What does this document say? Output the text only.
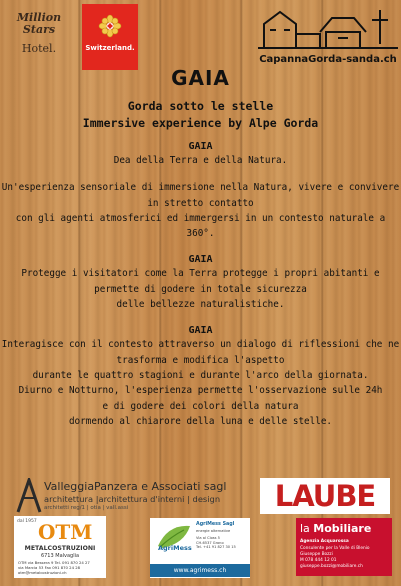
Million
Stars
Hotel.	Switzerland.
CapannaGorda-sanda.ch
GAIA
Gorda sotto le stelle
Immersive experience by Alpe Gorda
GAIA
Dea della Terra e della Natura.
Un'esperienza sensoriale di immersione nella Natura, vivere e convivere
in stretto contatto
con gli agenti atmosferici ed immergersi in un contesto naturale a 360°.
GAIA
Protegge i visitatori come la Terra protegge i propri abitanti e
permette di godere in totale sicurezza
delle bellezze naturalistiche.
GAIA
Interagisce con il contesto attraverso un dialogo di riflessioni che ne
trasforma e modifica l'aspetto
durante le quattro stagioni e durante l'arco della giornata.
Diurno e Notturno, l'esperienza permette l'osservazione sulle 24h
e di godere dei colori della natura
dormendo al chiarore della luna e delle stelle.
ValleggiaPanzera e Associati sagl
architettura |architettura d'interni | design
architetti reg/1 | otia | vall.assi	LAUBE
dal 1957 OTM
METALCOSTRUZIONI
6713 Malvaglia
OTM via Bessera 9 Tel. 091 870 24 27
via Marcia 53 Fax 091 870 24 28
otm@metalcostruzioni.ch
AgriMess
AgriMess Sagl
energie alternative
Via al Cioss 5
CH-6537 Grono
Tel. +41 91 827 30 15
www.agrimess.ch
la Mobiliare
Agenzia Acquarossa
Consulente per la Valle di Blenio
Giuseppe Bozzi
M 078 444 12 01
giuseppe.bozzi@mobiliare.ch
